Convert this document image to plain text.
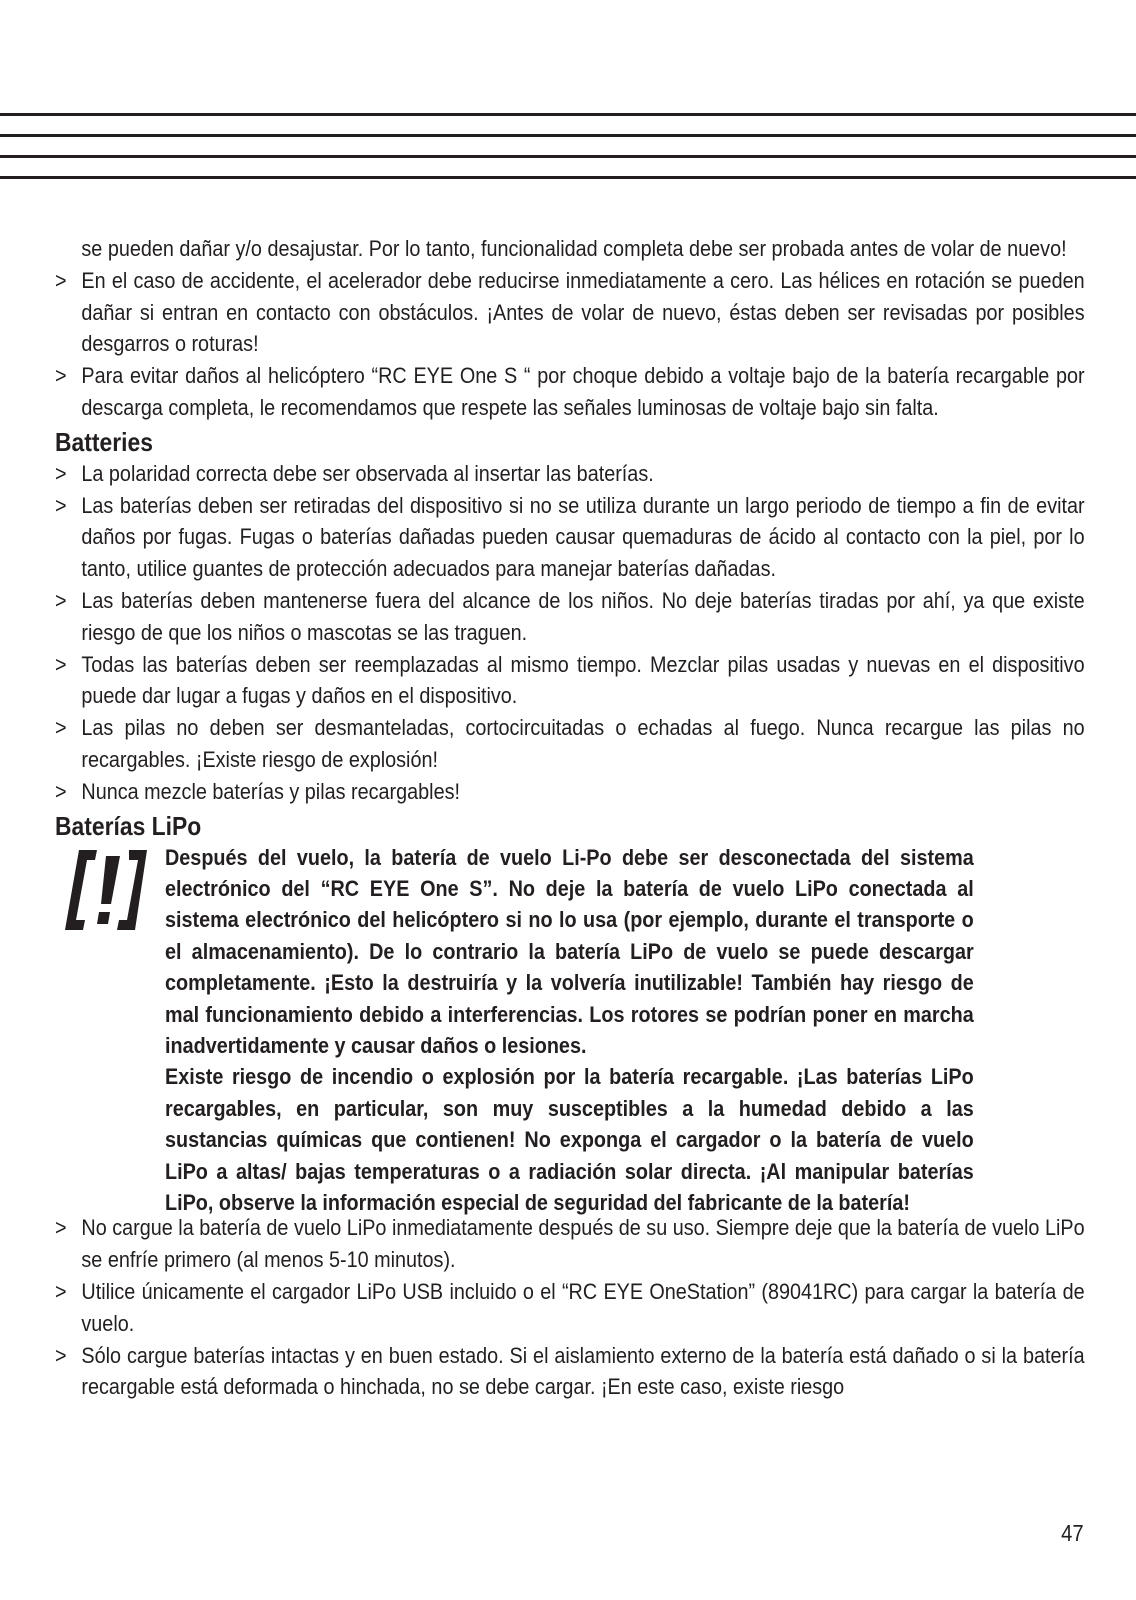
se pueden dañar y/o desajustar. Por lo tanto, funcionalidad completa debe ser probada antes de volar de nuevo!
> En el caso de accidente, el acelerador debe reducirse inmediatamente a cero. Las hélices en rotación se pueden dañar si entran en contacto con obstáculos. ¡Antes de volar de nuevo, éstas deben ser revisadas por posibles desgarros o roturas!
> Para evitar daños al helicóptero “RC EYE One S “ por choque debido a voltaje bajo de la batería recargable por descarga completa, le recomendamos que respete las señales luminosas de voltaje bajo sin falta.
Batteries
> La polaridad correcta debe ser observada al insertar las baterías.
> Las baterías deben ser retiradas del dispositivo si no se utiliza durante un largo periodo de tiempo a fin de evitar daños por fugas. Fugas o baterías dañadas pueden causar quemaduras de ácido al contacto con la piel, por lo tanto, utilice guantes de protección adecuados para manejar baterías dañadas.
> Las baterías deben mantenerse fuera del alcance de los niños. No deje baterías tiradas por ahí, ya que existe riesgo de que los niños o mascotas se las traguen.
> Todas las baterías deben ser reemplazadas al mismo tiempo. Mezclar pilas usadas y nuevas en el dispositivo puede dar lugar a fugas y daños en el dispositivo.
> Las pilas no deben ser desmanteladas, cortocircuitadas o echadas al fuego. Nunca recargue las pilas no recargables. ¡Existe riesgo de explosión!
> Nunca mezcle baterías y pilas recargables!
Baterías LiPo
Después del vuelo, la batería de vuelo Li-Po debe ser desconectada del sistema electrónico del “RC EYE One S”. No deje la batería de vuelo LiPo conectada al sistema electrónico del helicóptero si no lo usa (por ejemplo, durante el transporte o el almacenamiento). De lo contrario la batería LiPo de vuelo se puede descargar completamente. ¡Esto la destruiría y la volvería inutilizable! También hay riesgo de mal funcionamiento debido a interferencias. Los rotores se podrían poner en marcha inadvertidamente y causar daños o lesiones.
Existe riesgo de incendio o explosión por la batería recargable. ¡Las baterías LiPo recargables, en particular, son muy susceptibles a la humedad debido a las sustancias químicas que contienen! No exponga el cargador o la batería de vuelo LiPo a altas/ bajas temperaturas o a radiación solar directa. ¡Al manipular baterías LiPo, observe la información especial de seguridad del fabricante de la batería!
> No cargue la batería de vuelo LiPo inmediatamente después de su uso. Siempre deje que la batería de vuelo LiPo se enfríe primero (al menos 5-10 minutos).
> Utilice únicamente el cargador LiPo USB incluido o el “RC EYE OneStation” (89041RC) para cargar la batería de vuelo.
> Sólo cargue baterías intactas y en buen estado. Si el aislamiento externo de la batería está dañado o si la batería recargable está deformada o hinchada, no se debe cargar. ¡En este caso, existe riesgo
47
